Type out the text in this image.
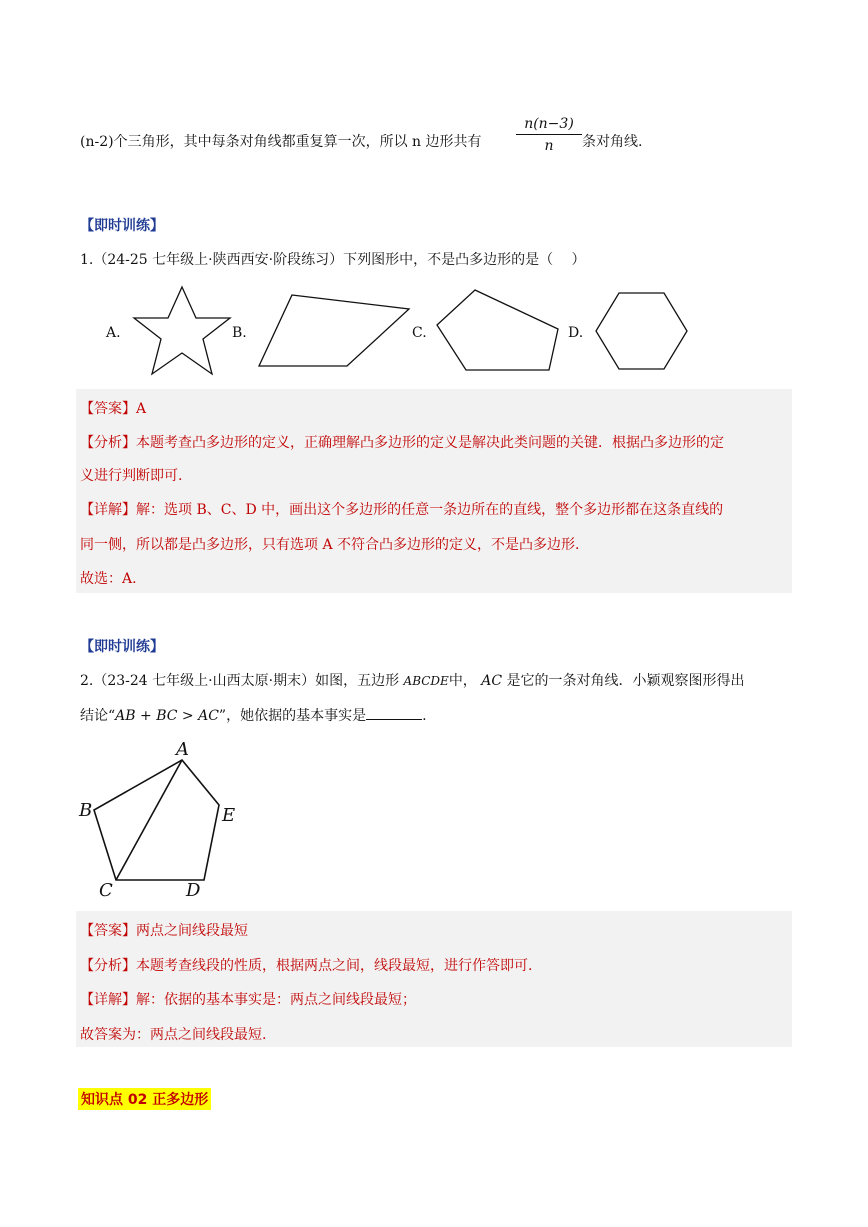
(n-2)个三角形，其中每条对角线都重复算一次，所以 n 边形共有 $\frac{n(n-3)}{n}$ 条对角线.
【即时训练】
1.（24-25 七年级上·陕西西安·阶段练习）下列图形中，不是凸多边形的是（　 ）
A.	B.	C.	D.
【答案】A
【分析】本题考查凸多边形的定义，正确理解凸多边形的定义是解决此类问题的关键．根据凸多边形的定
义进行判断即可.
【详解】解：选项 B、C、D 中，画出这个多边形的任意一条边所在的直线，整个多边形都在这条直线的
同一侧，所以都是凸多边形，只有选项 A 不符合凸多边形的定义，不是凸多边形.
故选：A.
【即时训练】
2.（23-24 七年级上·山西太原·期末）如图，五边形 ABCDE中， AC 是它的一条对角线．小颖观察图形得出
结论“AB + BC > AC”，她依据的基本事实是	.
A
B
C	D
E
【答案】两点之间线段最短
【分析】本题考查线段的性质，根据两点之间，线段最短，进行作答即可.
【详解】解：依据的基本事实是：两点之间线段最短；
故答案为：两点之间线段最短.
知识点 02 正多边形
